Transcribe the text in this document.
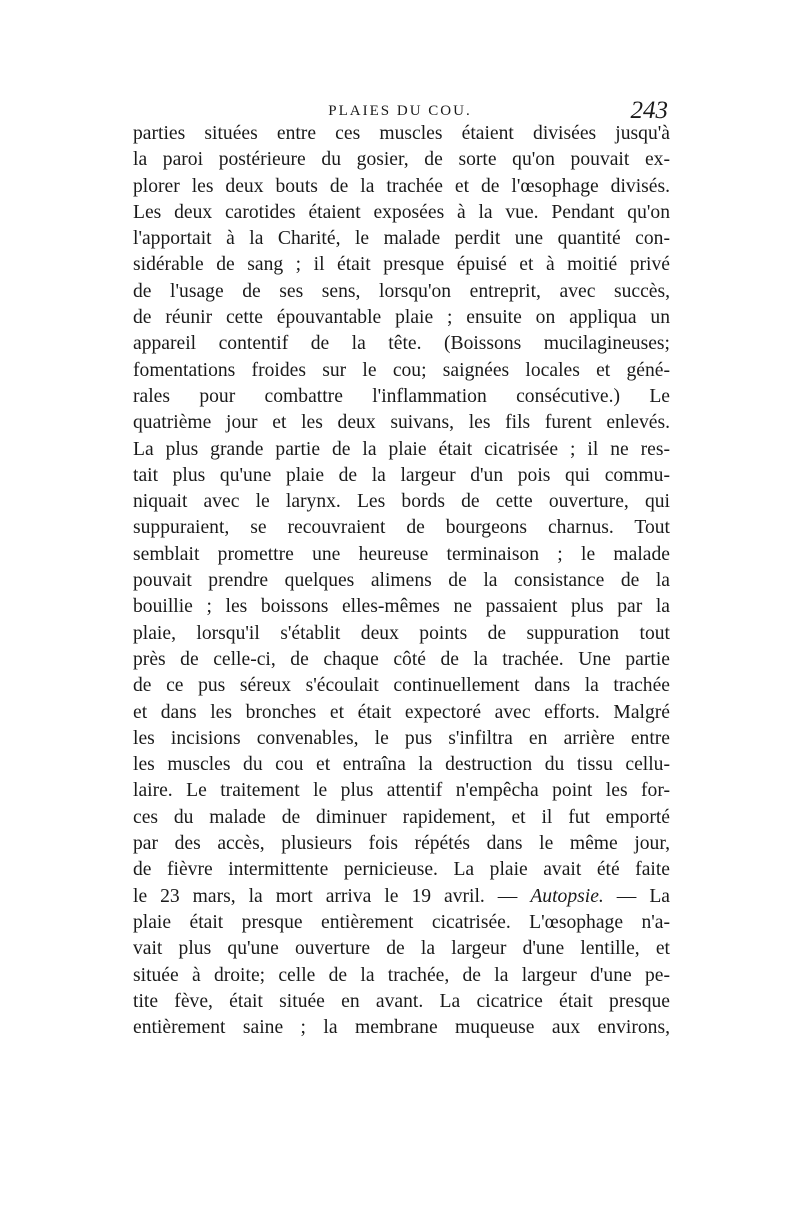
PLAIES DU COU.	243
parties situées entre ces muscles étaient divisées jusqu'à
la paroi postérieure du gosier, de sorte qu'on pouvait ex-
plorer les deux bouts de la trachée et de l'œsophage divisés.
Les deux carotides étaient exposées à la vue. Pendant qu'on
l'apportait à la Charité, le malade perdit une quantité con-
sidérable de sang ; il était presque épuisé et à moitié privé
de l'usage de ses sens, lorsqu'on entreprit, avec succès,
de réunir cette épouvantable plaie ; ensuite on appliqua un
appareil contentif de la tête. (Boissons mucilagineuses;
fomentations froides sur le cou; saignées locales et géné-
rales pour combattre l'inflammation consécutive.) Le
quatrième jour et les deux suivans, les fils furent enlevés.
La plus grande partie de la plaie était cicatrisée ; il ne res-
tait plus qu'une plaie de la largeur d'un pois qui commu-
niquait avec le larynx. Les bords de cette ouverture, qui
suppuraient, se recouvraient de bourgeons charnus. Tout
semblait promettre une heureuse terminaison ; le malade
pouvait prendre quelques alimens de la consistance de la
bouillie ; les boissons elles-mêmes ne passaient plus par la
plaie, lorsqu'il s'établit deux points de suppuration tout
près de celle-ci, de chaque côté de la trachée. Une partie
de ce pus séreux s'écoulait continuellement dans la trachée
et dans les bronches et était expectoré avec efforts. Malgré
les incisions convenables, le pus s'infiltra en arrière entre
les muscles du cou et entraîna la destruction du tissu cellu-
laire. Le traitement le plus attentif n'empêcha point les for-
ces du malade de diminuer rapidement, et il fut emporté
par des accès, plusieurs fois répétés dans le même jour,
de fièvre intermittente pernicieuse. La plaie avait été faite
le 23 mars, la mort arriva le 19 avril. — Autopsie. — La
plaie était presque entièrement cicatrisée. L'œsophage n'a-
vait plus qu'une ouverture de la largeur d'une lentille, et
située à droite; celle de la trachée, de la largeur d'une pe-
tite fève, était située en avant. La cicatrice était presque
entièrement saine ; la membrane muqueuse aux environs,
